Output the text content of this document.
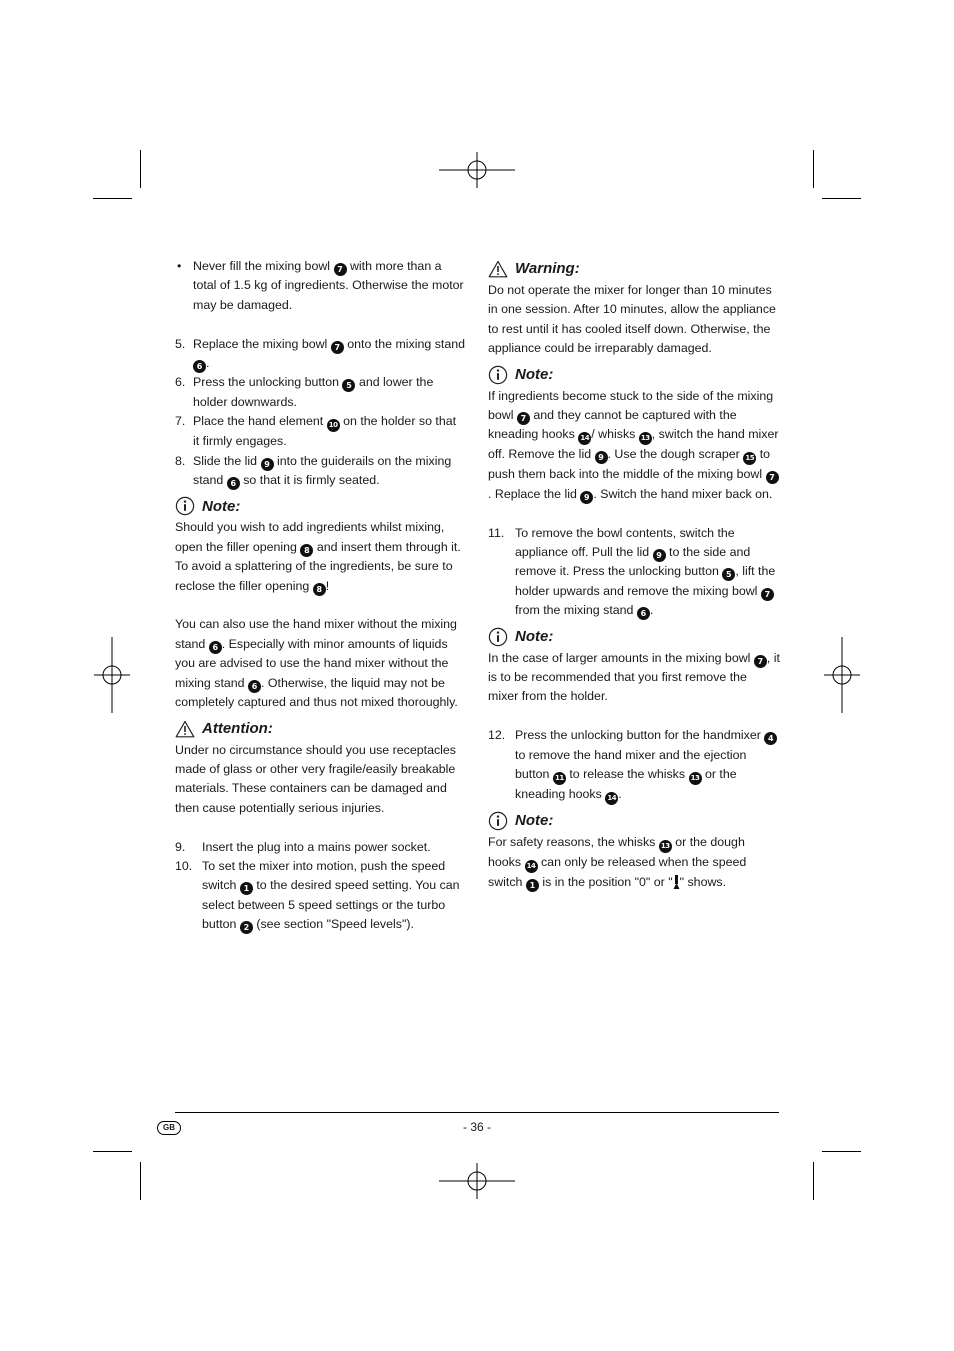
• Never fill the mixing bowl 7 with more than a total of 1.5 kg of ingredients. Otherwise the motor may be damaged.

5. Replace the mixing bowl 7 onto the mixing stand 6 .

6. Press the unlocking button 5 and lower the holder downwards.

7. Place the hand element 10 on the holder so that it firmly engages.

8. Slide the lid 9 into the guiderails on the mixing stand 6 so that it is firmly seated.

Note:

Should you wish to add ingredients whilst mixing, open the filler opening 8 and insert them through it. To avoid a splattering of the ingredients, be sure to reclose the filler opening 8 !

You can also use the hand mixer without the mixing stand 6 . Especially with minor amounts of liquids you are advised to use the hand mixer without the mixing stand 6 . Otherwise, the liquid may not be completely captured and thus not mixed thoroughly.

Attention:

Under no circumstance should you use receptacles made of glass or other very fragile/easily breakable materials. These containers can be damaged and then cause potentially serious injuries.

9. Insert the plug into a mains power socket.

10. To set the mixer into motion, push the speed switch 1 to the desired speed setting. You can select between 5 speed settings or the turbo button 2 (see section "Speed levels").

Warning:

Do not operate the mixer for longer than 10 minutes in one session. After 10 minutes, allow the appliance to rest until it has cooled itself down. Otherwise, the appliance could be irreparably damaged.

Note:

If ingredients become stuck to the side of the mixing bowl 7 and they cannot be captured with the kneading hooks 14 / whisks 13 , switch the hand mixer off. Remove the lid 9 . Use the dough scraper 15 to push them back into the middle of the mixing bowl 7. Replace the lid 9 . Switch the hand mixer back on.

11. To remove the bowl contents, switch the appliance off. Pull the lid 9 to the side and remove it. Press the unlocking button 5 , lift the holder upwards and remove the mixing bowl 7 from the mixing stand 6 .

Note:

In the case of larger amounts in the mixing bowl 7 , it is to be recommended that you first remove the mixer from the holder.

12. Press the unlocking button for the handmixer 4 to remove the hand mixer and the ejection button 11 to release the whisks 13 or the kneading hooks 14 .

Note:

For safety reasons, the whisks 13 or the dough hooks 14 can only be released when the speed switch 1 is in the position "0" or " " shows.

GB	- 36 -
